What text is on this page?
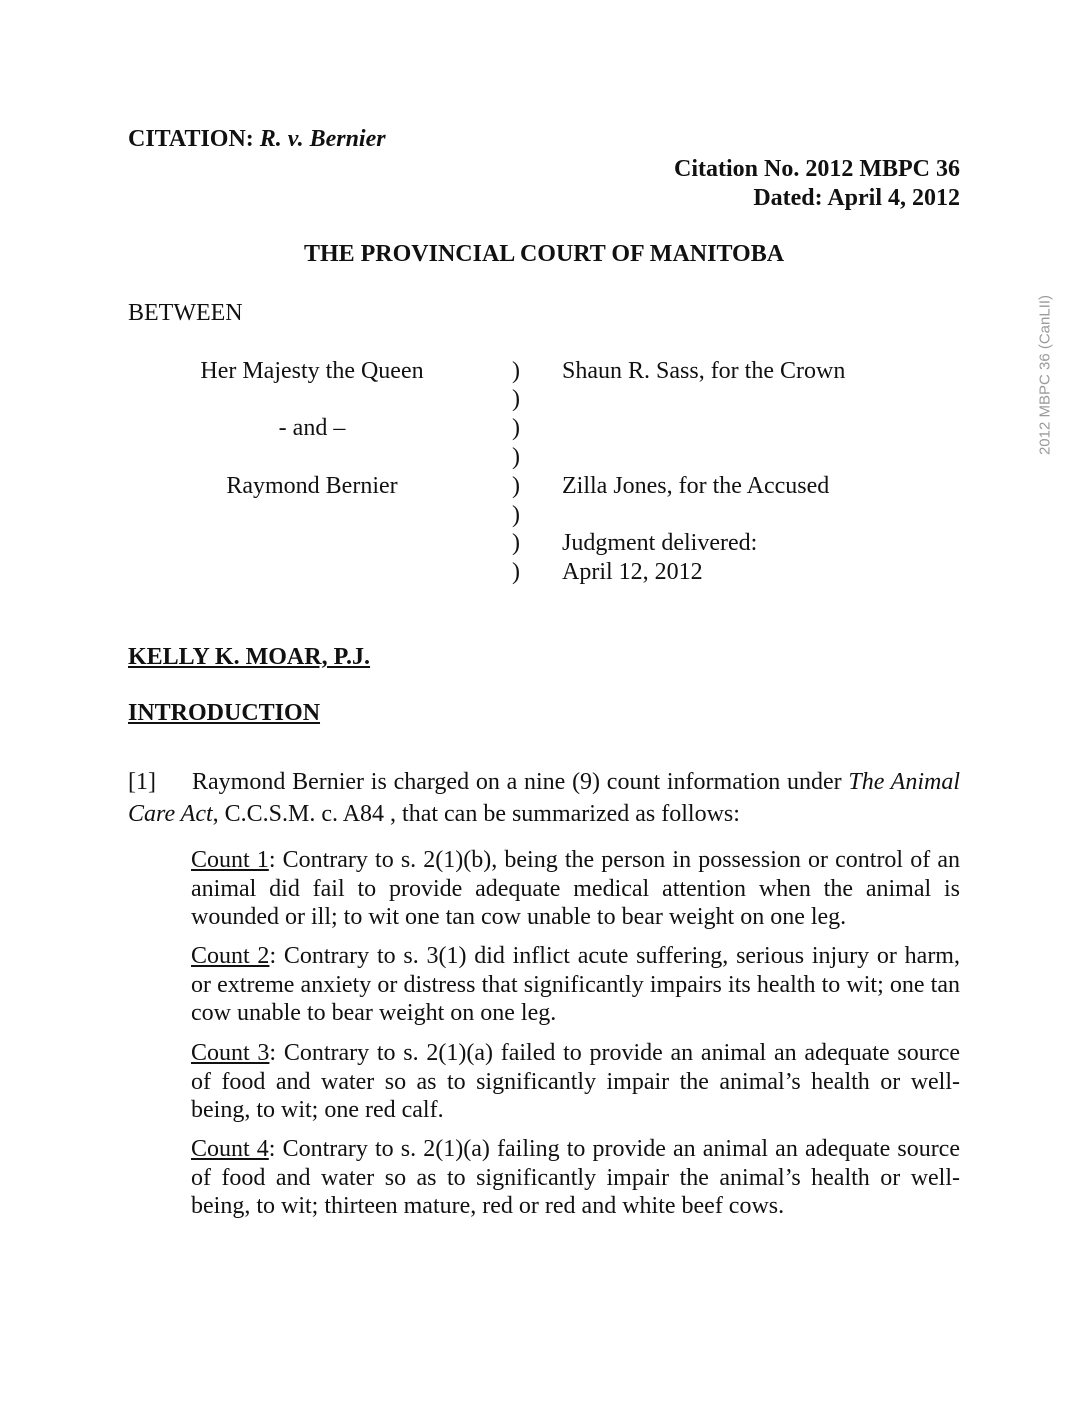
CITATION: R. v. Bernier
Citation No. 2012 MBPC 36
Dated: April 4, 2012
THE PROVINCIAL COURT OF MANITOBA
BETWEEN
Her Majesty the Queen
- and –
Raymond Bernier
)
)
)
)
)
)
)
)
Shaun R. Sass, for the Crown
Zilla Jones, for the Accused
Judgment delivered:
April 12, 2012
KELLY K. MOAR, P.J.
INTRODUCTION
[1] Raymond Bernier is charged on a nine (9) count information under The Animal Care Act, C.C.S.M. c. A84 , that can be summarized as follows:
Count 1: Contrary to s. 2(1)(b), being the person in possession or control of an animal did fail to provide adequate medical attention when the animal is wounded or ill; to wit one tan cow unable to bear weight on one leg.
Count 2: Contrary to s. 3(1) did inflict acute suffering, serious injury or harm, or extreme anxiety or distress that significantly impairs its health to wit; one tan cow unable to bear weight on one leg.
Count 3: Contrary to s. 2(1)(a) failed to provide an animal an adequate source of food and water so as to significantly impair the animal’s health or well-being, to wit; one red calf.
Count 4: Contrary to s. 2(1)(a) failing to provide an animal an adequate source of food and water so as to significantly impair the animal’s health or well-being, to wit; thirteen mature, red or red and white beef cows.
2012 MBPC 36 (CanLII)
